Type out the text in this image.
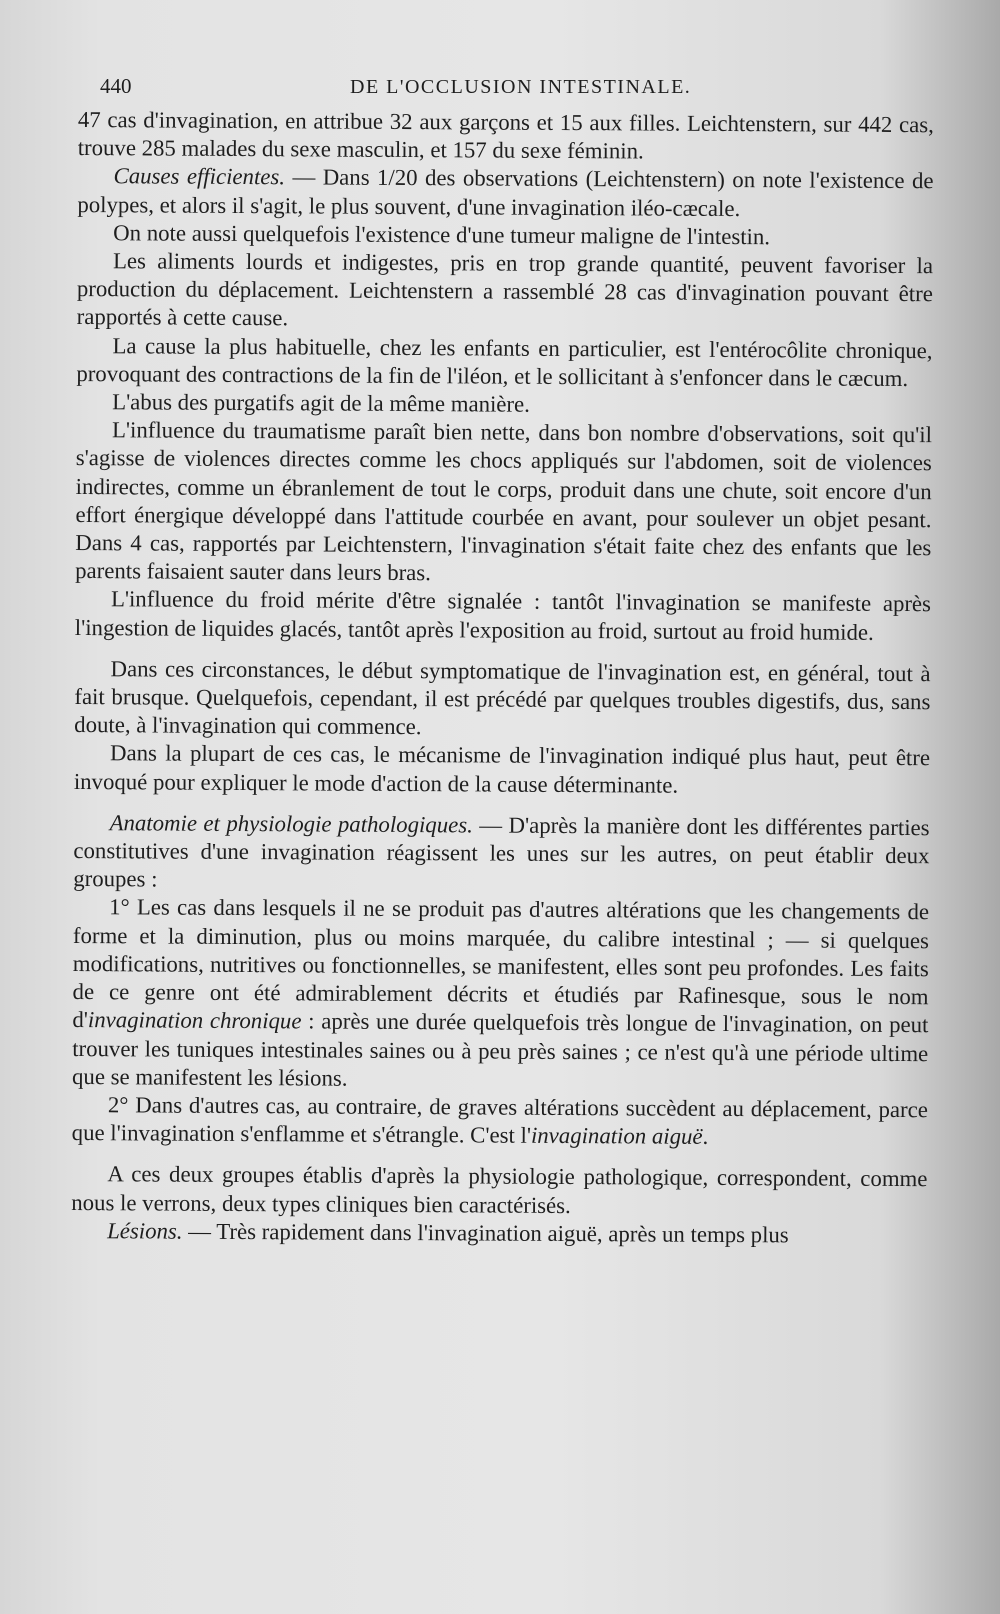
440	DE L'OCCLUSION INTESTINALE.

47 cas d'invagination, en attribue 32 aux garçons et 15 aux filles. Leichtenstern, sur 442 cas, trouve 285 malades du sexe masculin, et 157 du sexe féminin.

Causes efficientes. — Dans 1/20 des observations (Leichtenstern) on note l'existence de polypes, et alors il s'agit, le plus souvent, d'une invagination iléo-cæcale.

On note aussi quelquefois l'existence d'une tumeur maligne de l'intestin.

Les aliments lourds et indigestes, pris en trop grande quantité, peuvent favoriser la production du déplacement. Leichtenstern a rassemblé 28 cas d'invagination pouvant être rapportés à cette cause.

La cause la plus habituelle, chez les enfants en particulier, est l'entérocôlite chronique, provoquant des contractions de la fin de l'iléon, et le sollicitant à s'enfoncer dans le cæcum.

L'abus des purgatifs agit de la même manière.

L'influence du traumatisme paraît bien nette, dans bon nombre d'observations, soit qu'il s'agisse de violences directes comme les chocs appliqués sur l'abdomen, soit de violences indirectes, comme un ébranlement de tout le corps, produit dans une chute, soit encore d'un effort énergique développé dans l'attitude courbée en avant, pour soulever un objet pesant. Dans 4 cas, rapportés par Leichtenstern, l'invagination s'était faite chez des enfants que les parents faisaient sauter dans leurs bras.

L'influence du froid mérite d'être signalée : tantôt l'invagination se manifeste après l'ingestion de liquides glacés, tantôt après l'exposition au froid, surtout au froid humide.

Dans ces circonstances, le début symptomatique de l'invagination est, en général, tout à fait brusque. Quelquefois, cependant, il est précédé par quelques troubles digestifs, dus, sans doute, à l'invagination qui commence.

Dans la plupart de ces cas, le mécanisme de l'invagination indiqué plus haut, peut être invoqué pour expliquer le mode d'action de la cause déterminante.

Anatomie et physiologie pathologiques. — D'après la manière dont les différentes parties constitutives d'une invagination réagissent les unes sur les autres, on peut établir deux groupes :

1° Les cas dans lesquels il ne se produit pas d'autres altérations que les changements de forme et la diminution, plus ou moins marquée, du calibre intestinal ; — si quelques modifications, nutritives ou fonctionnelles, se manifestent, elles sont peu profondes. Les faits de ce genre ont été admirablement décrits et étudiés par Rafinesque, sous le nom d'invagination chronique : après une durée quelquefois très longue de l'invagination, on peut trouver les tuniques intestinales saines ou à peu près saines ; ce n'est qu'à une période ultime que se manifestent les lésions.

2° Dans d'autres cas, au contraire, de graves altérations succèdent au déplacement, parce que l'invagination s'enflamme et s'étrangle. C'est l'invagination aiguë.

A ces deux groupes établis d'après la physiologie pathologique, correspondent, comme nous le verrons, deux types cliniques bien caractérisés.

Lésions. — Très rapidement dans l'invagination aiguë, après un temps plus
